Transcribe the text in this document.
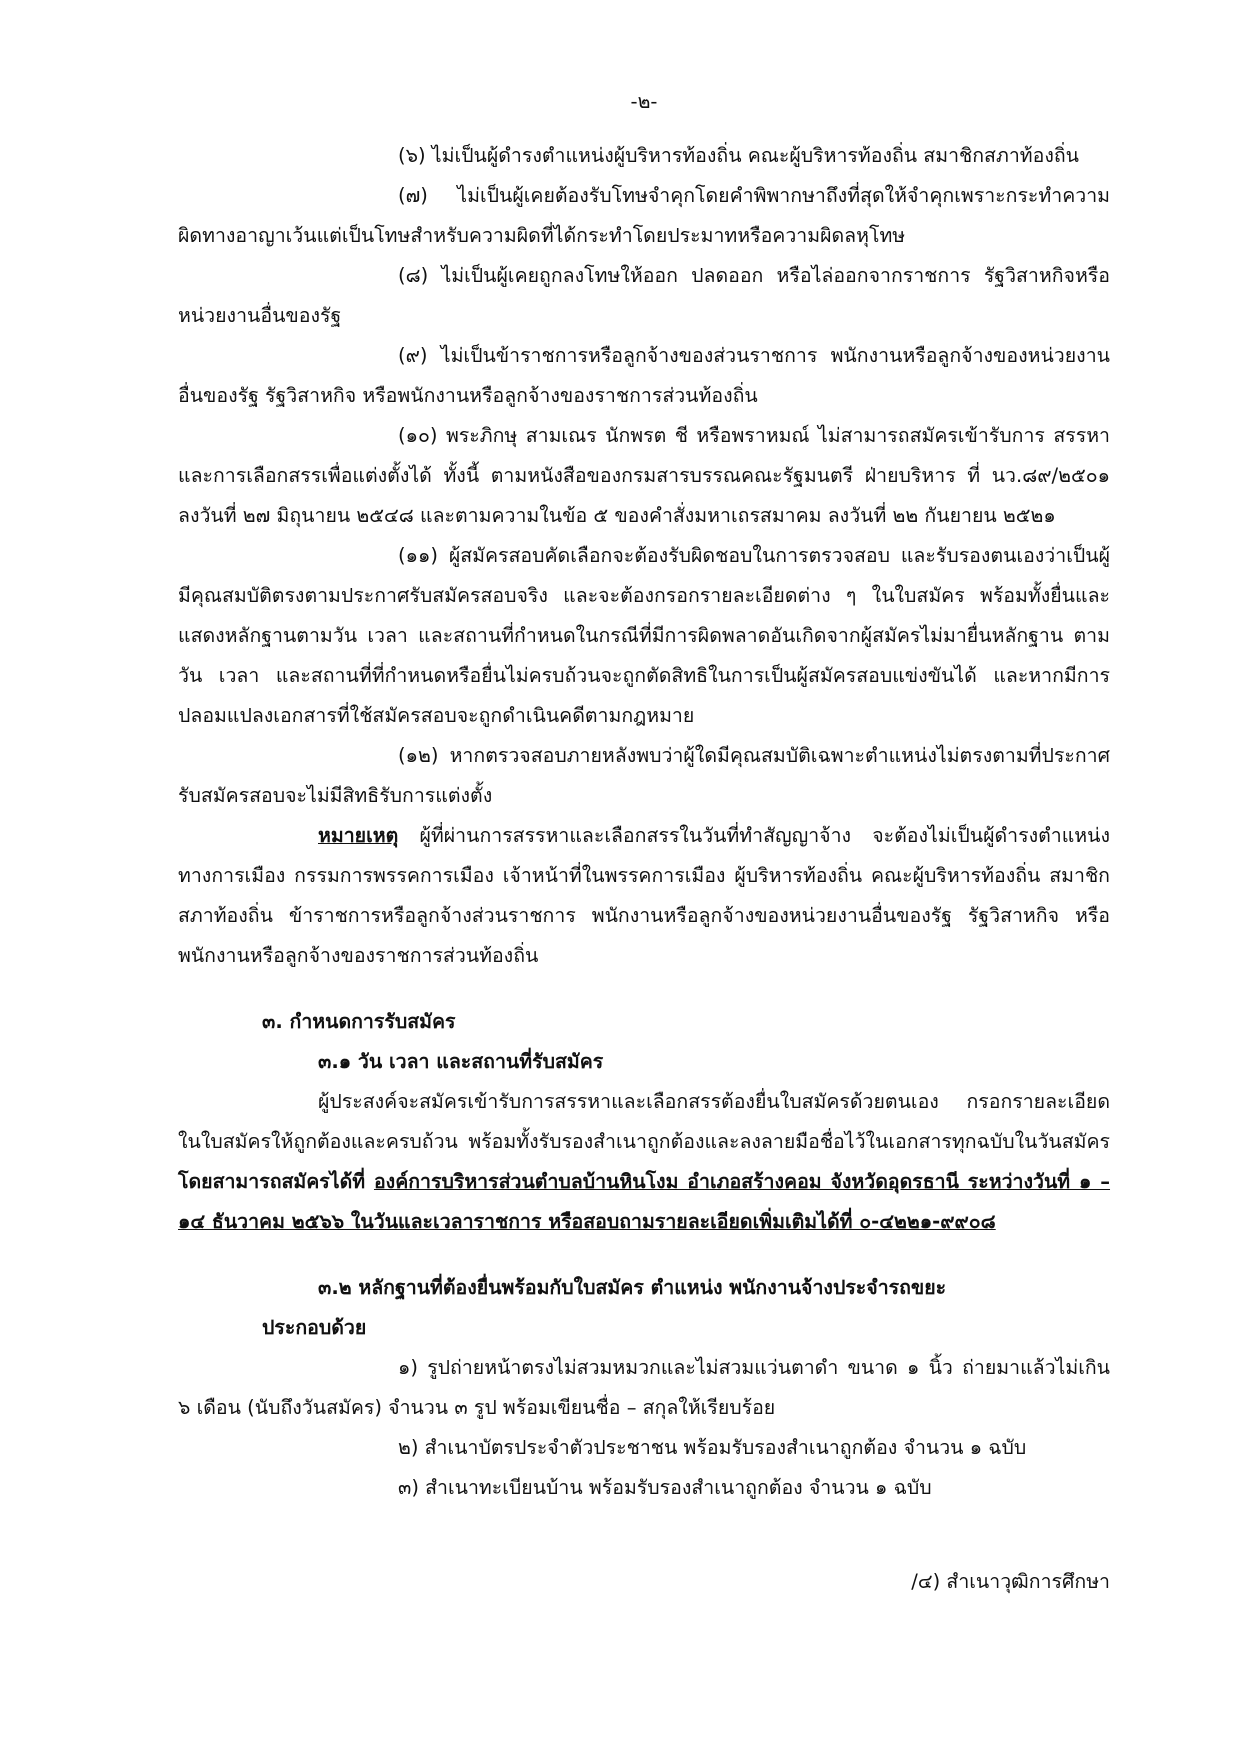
-๒-

(๖) ไม่เป็นผู้ดำรงตำแหน่งผู้บริหารท้องถิ่น คณะผู้บริหารท้องถิ่น สมาชิกสภาท้องถิ่น

(๗) ไม่เป็นผู้เคยต้องรับโทษจำคุกโดยคำพิพากษาถึงที่สุดให้จำคุกเพราะกระทำความผิดทางอาญาเว้นแต่เป็นโทษสำหรับความผิดที่ได้กระทำโดยประมาทหรือความผิดลหุโทษ

(๘) ไม่เป็นผู้เคยถูกลงโทษให้ออก ปลดออก หรือไล่ออกจากราชการ รัฐวิสาหกิจหรือหน่วยงานอื่นของรัฐ

(๙) ไม่เป็นข้าราชการหรือลูกจ้างของส่วนราชการ พนักงานหรือลูกจ้างของหน่วยงานอื่นของรัฐ รัฐวิสาหกิจ หรือพนักงานหรือลูกจ้างของราชการส่วนท้องถิ่น

(๑๐) พระภิกษุ สามเณร นักพรต ชี หรือพราหมณ์ ไม่สามารถสมัครเข้ารับการ สรรหาและการเลือกสรรเพื่อแต่งตั้งได้ ทั้งนี้ ตามหนังสือของกรมสารบรรณคณะรัฐมนตรี ฝ่ายบริหาร ที่ นว.๘๙/๒๕๐๑ ลงวันที่ ๒๗ มิถุนายน ๒๕๔๘ และตามความในข้อ ๕ ของคำสั่งมหาเถรสมาคม ลงวันที่ ๒๒ กันยายน ๒๕๒๑

(๑๑) ผู้สมัครสอบคัดเลือกจะต้องรับผิดชอบในการตรวจสอบ และรับรองตนเองว่าเป็นผู้มีคุณสมบัติตรงตามประกาศรับสมัครสอบจริง และจะต้องกรอกรายละเอียดต่าง ๆ ในใบสมัคร พร้อมทั้งยื่นและแสดงหลักฐานตามวัน เวลา และสถานที่กำหนดในกรณีที่มีการผิดพลาดอันเกิดจากผู้สมัครไม่มายื่นหลักฐาน ตามวัน เวลา และสถานที่ที่กำหนดหรือยื่นไม่ครบถ้วนจะถูกตัดสิทธิในการเป็นผู้สมัครสอบแข่งขันได้ และหากมีการปลอมแปลงเอกสารที่ใช้สมัครสอบจะถูกดำเนินคดีตามกฎหมาย

(๑๒) หากตรวจสอบภายหลังพบว่าผู้ใดมีคุณสมบัติเฉพาะตำแหน่งไม่ตรงตามที่ประกาศรับสมัครสอบจะไม่มีสิทธิรับการแต่งตั้ง

หมายเหตุ ผู้ที่ผ่านการสรรหาและเลือกสรรในวันที่ทำสัญญาจ้าง จะต้องไม่เป็นผู้ดำรงตำแหน่งทางการเมือง กรรมการพรรคการเมือง เจ้าหน้าที่ในพรรคการเมือง ผู้บริหารท้องถิ่น คณะผู้บริหารท้องถิ่น สมาชิกสภาท้องถิ่น ข้าราชการหรือลูกจ้างส่วนราชการ พนักงานหรือลูกจ้างของหน่วยงานอื่นของรัฐ รัฐวิสาหกิจ หรือพนักงานหรือลูกจ้างของราชการส่วนท้องถิ่น

๓. กำหนดการรับสมัคร

๓.๑ วัน เวลา และสถานที่รับสมัคร

ผู้ประสงค์จะสมัครเข้ารับการสรรหาและเลือกสรรต้องยื่นใบสมัครด้วยตนเอง กรอกรายละเอียดในใบสมัครให้ถูกต้องและครบถ้วน พร้อมทั้งรับรองสำเนาถูกต้องและลงลายมือชื่อไว้ในเอกสารทุกฉบับในวันสมัคร โดยสามารถสมัครได้ที่ องค์การบริหารส่วนตำบลบ้านหินโงม อำเภอสร้างคอม จังหวัดอุดรธานี ระหว่างวันที่ ๑ – ๑๔ ธันวาคม ๒๕๖๖ ในวันและเวลาราชการ หรือสอบถามรายละเอียดเพิ่มเติมได้ที่ ๐-๔๒๒๑-๙๙๐๘

๓.๒ หลักฐานที่ต้องยื่นพร้อมกับใบสมัคร ตำแหน่ง พนักงานจ้างประจำรถขยะ

ประกอบด้วย

๑) รูปถ่ายหน้าตรงไม่สวมหมวกและไม่สวมแว่นตาดำ ขนาด ๑ นิ้ว ถ่ายมาแล้วไม่เกิน ๖ เดือน (นับถึงวันสมัคร) จำนวน ๓ รูป พร้อมเขียนชื่อ – สกุลให้เรียบร้อย

๒) สำเนาบัตรประจำตัวประชาชน พร้อมรับรองสำเนาถูกต้อง จำนวน ๑ ฉบับ

๓) สำเนาทะเบียนบ้าน พร้อมรับรองสำเนาถูกต้อง จำนวน ๑ ฉบับ

/๔) สำเนาวุฒิการศึกษา
